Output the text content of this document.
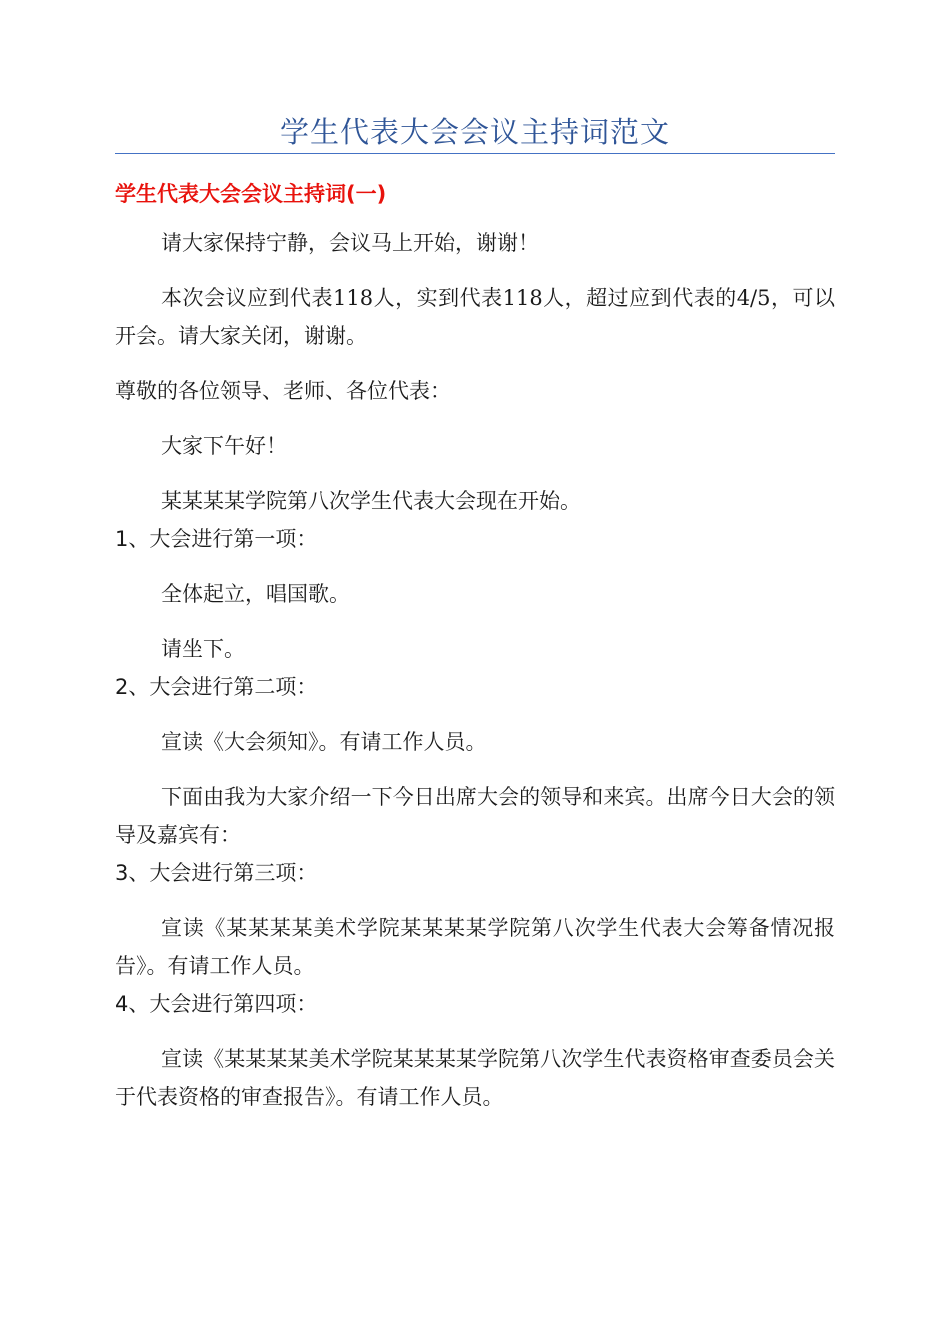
学生代表大会会议主持词范文
学生代表大会会议主持词(一)

请大家保持宁静，会议马上开始，谢谢！

本次会议应到代表118人，实到代表118人，超过应到代表的4/5，可以开会。请大家关闭，谢谢。

尊敬的各位领导、老师、各位代表：

大家下午好！

某某某某学院第八次学生代表大会现在开始。

1、大会进行第一项：

全体起立，唱国歌。

请坐下。

2、大会进行第二项：

宣读《大会须知》。有请工作人员。

下面由我为大家介绍一下今日出席大会的领导和来宾。出席今日大会的领导及嘉宾有：

3、大会进行第三项：

宣读《某某某某美术学院某某某某学院第八次学生代表大会筹备情况报告》。有请工作人员。

4、大会进行第四项：

宣读《某某某某美术学院某某某某学院第八次学生代表资格审查委员会关于代表资格的审查报告》。有请工作人员。
